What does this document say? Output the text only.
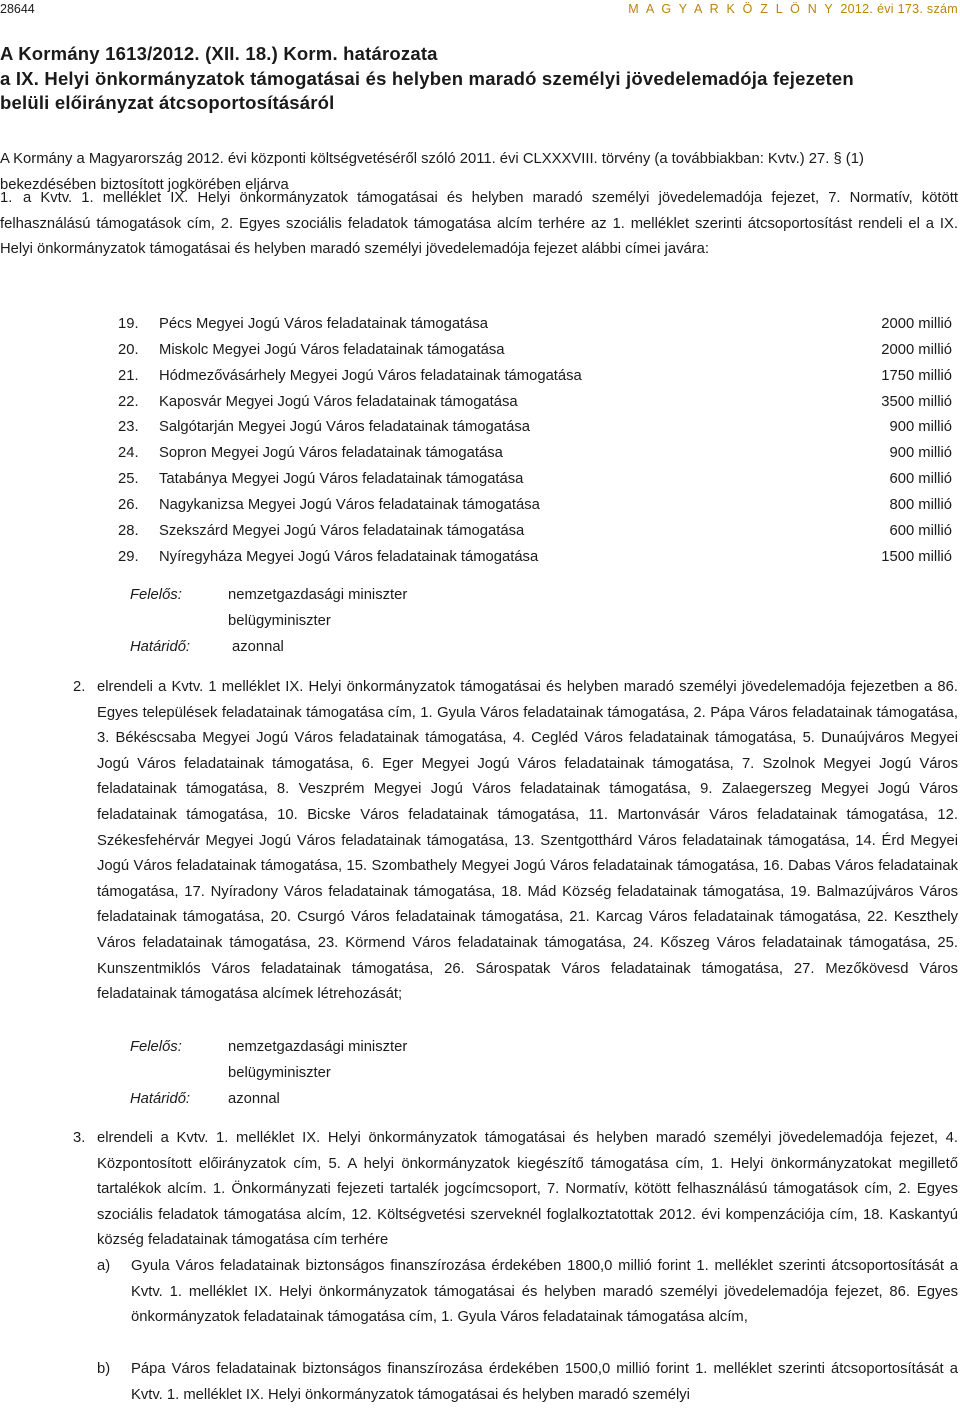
28644	M A G Y A R K Ö Z L Ö N Y 2012. évi 173. szám
A Kormány 1613/2012. (XII. 18.) Korm. határozata
a IX. Helyi önkormányzatok támogatásai és helyben maradó személyi jövedelemadója fejezeten
belüli előirányzat átcsoportosításáról
A Kormány a Magyarország 2012. évi központi költségvetéséről szóló 2011. évi CLXXXVIII. törvény (a továbbiakban: Kvtv.) 27. § (1) bekezdésében biztosított jogkörében eljárva
1. a Kvtv. 1. melléklet IX. Helyi önkormányzatok támogatásai és helyben maradó személyi jövedelemadója fejezet, 7. Normatív, kötött felhasználású támogatások cím, 2. Egyes szociális feladatok támogatása alcím terhére az 1. melléklet szerinti átcsoportosítást rendeli el a IX. Helyi önkormányzatok támogatásai és helyben maradó személyi jövedelemadója fejezet alábbi címei javára:
19. Pécs Megyei Jogú Város feladatainak támogatása	2000 millió
20. Miskolc Megyei Jogú Város feladatainak támogatása	2000 millió
21. Hódmezővásárhely Megyei Jogú Város feladatainak támogatása	1750 millió
22. Kaposvár Megyei Jogú Város feladatainak támogatása	3500 millió
23. Salgótarján Megyei Jogú Város feladatainak támogatása	900 millió
24. Sopron Megyei Jogú Város feladatainak támogatása	900 millió
25. Tatabánya Megyei Jogú Város feladatainak támogatása	600 millió
26. Nagykanizsa Megyei Jogú Város feladatainak támogatása	800 millió
28. Szekszárd Megyei Jogú Város feladatainak támogatása	600 millió
29. Nyíregyháza Megyei Jogú Város feladatainak támogatása	1500 millió
Felelős:	nemzetgazdasági miniszter
belügyminiszter
Határidő:	azonnal
2. elrendeli a Kvtv. 1 melléklet IX. Helyi önkormányzatok támogatásai és helyben maradó személyi jövedelemadója fejezetben a 86. Egyes települések feladatainak támogatása cím, 1. Gyula Város feladatainak támogatása, 2. Pápa Város feladatainak támogatása, 3. Békéscsaba Megyei Jogú Város feladatainak támogatása, 4. Cegléd Város feladatainak támogatása, 5. Dunaújváros Megyei Jogú Város feladatainak támogatása, 6. Eger Megyei Jogú Város feladatainak támogatása, 7. Szolnok Megyei Jogú Város feladatainak támogatása, 8. Veszprém Megyei Jogú Város feladatainak támogatása, 9. Zalaegerszeg Megyei Jogú Város feladatainak támogatása, 10. Bicske Város feladatainak támogatása, 11. Martonvásár Város feladatainak támogatása, 12. Székesfehérvár Megyei Jogú Város feladatainak támogatása, 13. Szentgotthárd Város feladatainak támogatása, 14. Érd Megyei Jogú Város feladatainak támogatása, 15. Szombathely Megyei Jogú Város feladatainak támogatása, 16. Dabas Város feladatainak támogatása, 17. Nyíradony Város feladatainak támogatása, 18. Mád Község feladatainak támogatása, 19. Balmazújváros Város feladatainak támogatása, 20. Csurgó Város feladatainak támogatása, 21. Karcag Város feladatainak támogatása, 22. Keszthely Város feladatainak támogatása, 23. Körmend Város feladatainak támogatása, 24. Kőszeg Város feladatainak támogatása, 25. Kunszentmiklós Város feladatainak támogatása, 26. Sárospatak Város feladatainak támogatása, 27. Mezőkövesd Város feladatainak támogatása alcímek létrehozását;
Felelős:	nemzetgazdasági miniszter
belügyminiszter
Határidő:	azonnal
3. elrendeli a Kvtv. 1. melléklet IX. Helyi önkormányzatok támogatásai és helyben maradó személyi jövedelemadója fejezet, 4. Központosított előirányzatok cím, 5. A helyi önkormányzatok kiegészítő támogatása cím, 1. Helyi önkormányzatokat megillető tartalékok alcím. 1. Önkormányzati fejezeti tartalék jogcímcsoport, 7. Normatív, kötött felhasználású támogatások cím, 2. Egyes szociális feladatok támogatása alcím, 12. Költségvetési szerveknél foglalkoztatottak 2012. évi kompenzációja cím, 18. Kaskantyú község feladatainak támogatása cím terhére
a) Gyula Város feladatainak biztonságos finanszírozása érdekében 1800,0 millió forint 1. melléklet szerinti átcsoportosítását a Kvtv. 1. melléklet IX. Helyi önkormányzatok támogatásai és helyben maradó személyi jövedelemadója fejezet, 86. Egyes önkormányzatok feladatainak támogatása cím, 1. Gyula Város feladatainak támogatása alcím,
b) Pápa Város feladatainak biztonságos finanszírozása érdekében 1500,0 millió forint 1. melléklet szerinti átcsoportosítását a Kvtv. 1. melléklet IX. Helyi önkormányzatok támogatásai és helyben maradó személyi
